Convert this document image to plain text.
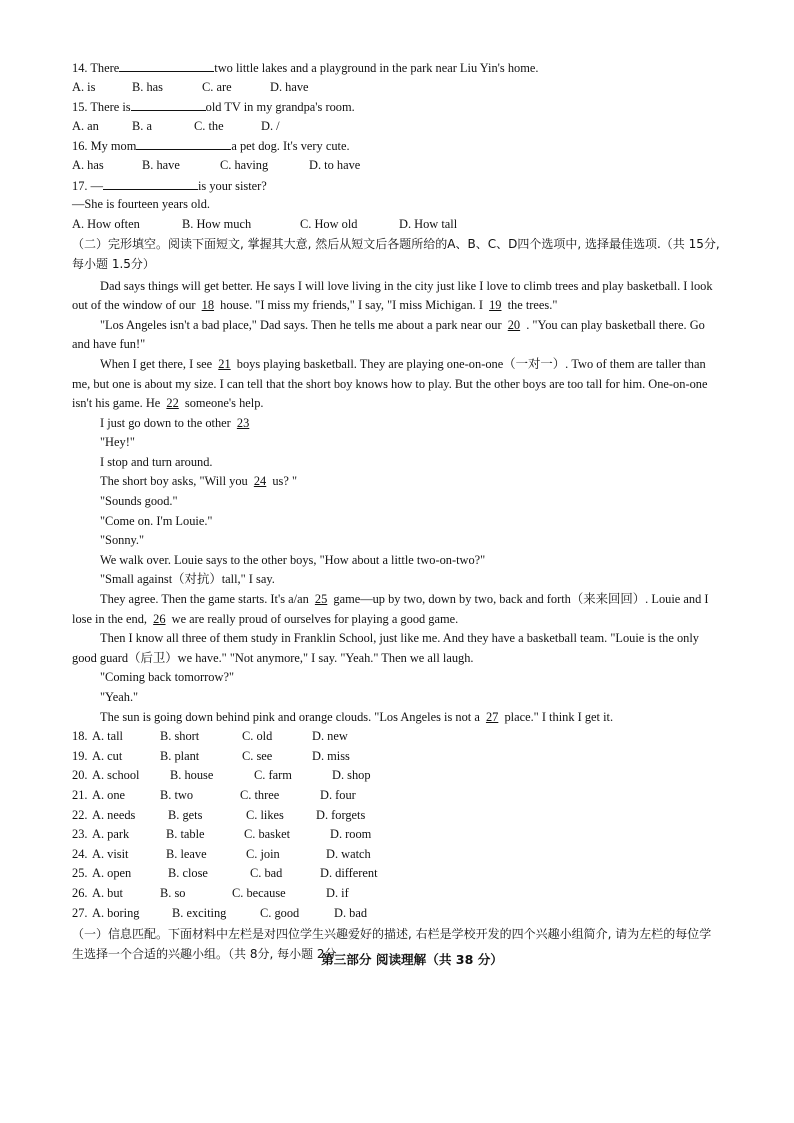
14. There	two little lakes and a playground in the park near Liu Yin's home.
A. is	B. has	C. are	D. have
15. There is	old TV in my grandpa's room.
A. an	B. a	C. the	D. /
16. My mom	a pet dog. It's very cute.
A. has	B. have	C. having	D. to have
17. —	is your sister?
—She is fourteen years old.
A. How often	B. How much	C. How old	D. How tall
（二）完形填空。阅读下面短文, 掌握其大意, 然后从短文后各题所给的A、B、C、D四个选项中, 选择最佳选项.（共 15分, 每小题 1.5分）
Dad says things will get better. He says I will love living in the city just like I love to climb trees and play basketball. I look out of the window of our 18 house. "I miss my friends," I say, "I miss Michigan. I 19 the trees."
"Los Angeles isn't a bad place," Dad says. Then he tells me about a park near our 20 . "You can play basketball there. Go and have fun!"
When I get there, I see 21 boys playing basketball. They are playing one-on-one（一对一）. Two of them are taller than me, but one is about my size. I can tell that the short boy knows how to play. But the other boys are too tall for him. One-on-one isn't his game. He 22 someone's help.
I just go down to the other 23
"Hey!"
I stop and turn around.
The short boy asks, "Will you 24 us? "
"Sounds good."
"Come on. I'm Louie."
"Sonny."
We walk over. Louie says to the other boys, "How about a little two-on-two?"
"Small against（对抗）tall," I say.
They agree. Then the game starts. It's a/an 25 game—up by two, down by two, back and forth（来来回回）. Louie and I lose in the end, 26 we are really proud of ourselves for playing a good game.
Then I know all three of them study in Franklin School, just like me. And they have a basketball team. "Louie is the only good guard（后卫）we have." "Not anymore," I say. "Yeah." Then we all laugh.
"Coming back tomorrow?"
"Yeah."
The sun is going down behind pink and orange clouds. "Los Angeles is not a 27 place." I think I get it.
18. A. tall	B. short	C. old	D. new
19. A. cut	B. plant	C. see	D. miss
20. A. school B. house	C. farm	D. shop
21. A. one	B. two	C. three	D. four
22. A. needs	B. gets	C. likes	D. forgets
23. A. park	B. table	C. basket	D. room
24. A. visit	B. leave	C. join	D. watch
25. A. open	B. close	C. bad	D. different
26. A. but	B. so	C. because	D. if
27. A. boring	B. exciting	C. good	D. bad
第三部分 阅读理解（共 38 分）
（一）信息匹配。下面材料中左栏是对四位学生兴趣爱好的描述, 右栏是学校开发的四个兴趣小组简介, 请为左栏的每位学生选择一个合适的兴趣小组。（共 8分, 每小题 2分
